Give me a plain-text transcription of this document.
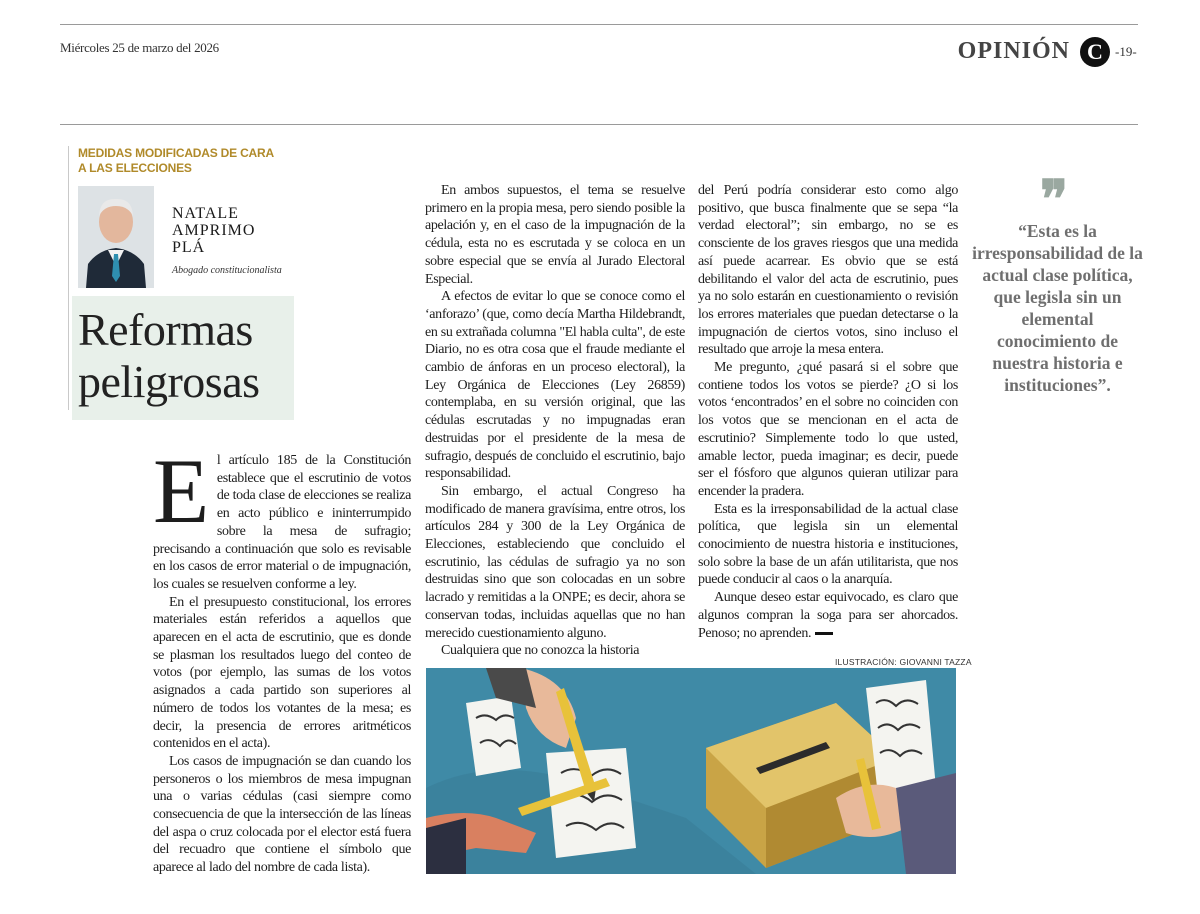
Miércoles 25 de marzo del 2026	OPINIÓN C -19-
MEDIDAS MODIFICADAS DE CARA A LAS ELECCIONES
NATALE AMPRIMO PLÁ
Abogado constitucionalista
Reformas
peligrosas

El artículo 185 de la Constitución establece que el escrutinio de votos de toda clase de elecciones se realiza en acto público e ininterrumpido sobre la mesa de sufragio; precisando a continuación que solo es revisable en los casos de error material o de impugnación, los cuales se resuelven conforme a ley.

En el presupuesto constitucional, los errores materiales están referidos a aquellos que aparecen en el acta de escrutinio, que es donde se plasman los resultados luego del conteo de votos (por ejemplo, las sumas de los votos asignados a cada partido son superiores al número de todos los votantes de la mesa; es decir, la presencia de errores aritméticos contenidos en el acta).

Los casos de impugnación se dan cuando los personeros o los miembros de mesa impugnan una o varias cédulas (casi siempre como consecuencia de que la intersección de las líneas del aspa o cruz colocada por el elector está fuera del recuadro que contiene el símbolo que aparece al lado del nombre de cada lista).

En ambos supuestos, el tema se resuelve primero en la propia mesa, pero siendo posible la apelación y, en el caso de la impugnación de la cédula, esta no es escrutada y se coloca en un sobre especial que se envía al Jurado Electoral Especial.

A efectos de evitar lo que se conoce como el ‘anforazo’ (que, como decía Martha Hildebrandt, en su extrañada columna "El habla culta", de este Diario, no es otra cosa que el fraude mediante el cambio de ánforas en un proceso electoral), la Ley Orgánica de Elecciones (Ley 26859) contemplaba, en su versión original, que las cédulas escrutadas y no impugnadas eran destruidas por el presidente de la mesa de sufragio, después de concluido el escrutinio, bajo responsabilidad.

Sin embargo, el actual Congreso ha modificado de manera gravísima, entre otros, los artículos 284 y 300 de la Ley Orgánica de Elecciones, estableciendo que concluido el escrutinio, las cédulas de sufragio ya no son destruidas sino que son colocadas en un sobre lacrado y remitidas a la ONPE; es decir, ahora se conservan todas, incluidas aquellas que no han merecido cuestionamiento alguno.

Cualquiera que no conozca la historia

del Perú podría considerar esto como algo positivo, que busca finalmente que se sepa “la verdad electoral”; sin embargo, no se es consciente de los graves riesgos que una medida así puede acarrear. Es obvio que se está debilitando el valor del acta de escrutinio, pues ya no solo estarán en cuestionamiento o revisión los errores materiales que puedan detectarse o la impugnación de ciertos votos, sino incluso el resultado que arroje la mesa entera.

Me pregunto, ¿qué pasará si el sobre que contiene todos los votos se pierde? ¿O si los votos ‘encontrados’ en el sobre no coinciden con los votos que se mencionan en el acta de escrutinio? Simplemente todo lo que usted, amable lector, pueda imaginar; es decir, puede ser el fósforo que algunos quieran utilizar para encender la pradera.

Esta es la irresponsabilidad de la actual clase política, que legisla sin un elemental conocimiento de nuestra historia e instituciones, solo sobre la base de un afán utilitarista, que nos puede conducir al caos o la anarquía.

Aunque deseo estar equivocado, es claro que algunos compran la soga para ser ahorcados. Penoso; no aprenden.

❞
“Esta es la irresponsabilidad de la actual clase política, que legisla sin un elemental conocimiento de nuestra historia e instituciones”.
ILUSTRACIÓN: GIOVANNI TAZZA
